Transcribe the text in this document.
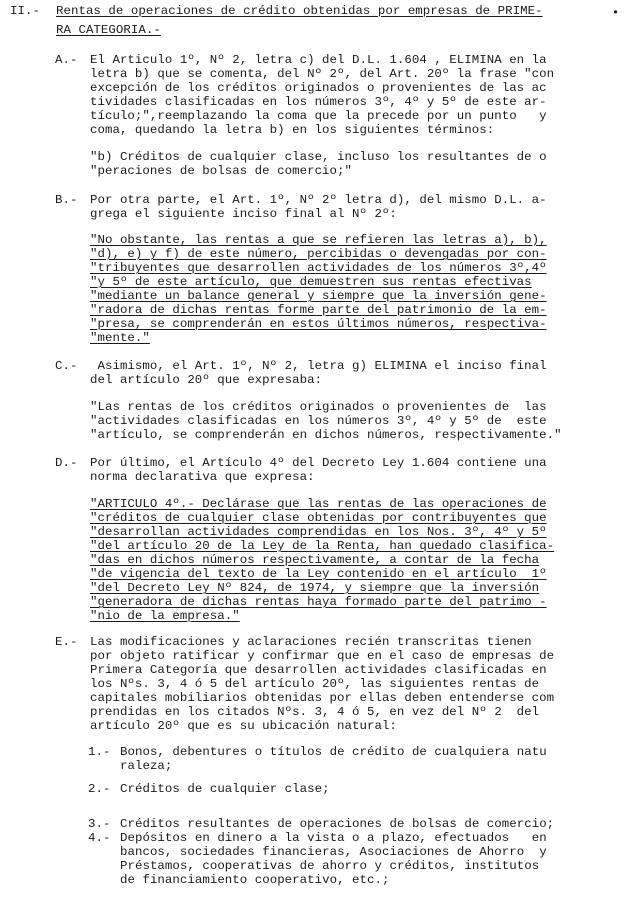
•
II.- Rentas de operaciones de crédito obtenidas por empresas de PRIME-
RA CATEGORIA.-
A.- El Articulo 1º, Nº 2, letra c) del D.L. 1.604 , ELIMINA en la
letra b) que se comenta, del Nº 2º, del Art. 20º la frase "con
excepción de los créditos originados o provenientes de las ac
tividades clasificadas en los números 3º, 4º y 5º de este ar-
tículo;",reemplazando la coma que la precede por un punto   y
coma, quedando la letra b) en los siguientes términos:
"b) Créditos de cualquier clase, incluso los resultantes de o
"peraciones de bolsas de comercio;"
B.- Por otra parte, el Art. 1º, Nº 2º letra d), del mismo D.L. a-
grega el siguiente inciso final al Nº 2º:
"No obstante, las rentas a que se refieren las letras a), b),
"d), e) y f) de este número, percibidas o devengadas por con-
"tribuyentes que desarrollen actividades de los números 3º,4º
"y 5º de este artículo, que demuestren sus rentas efectivas
"mediante un balance general y siempre que la inversión gene-
"radora de dichas rentas forme parte del patrimonio de la em-
"presa, se comprenderán en estos últimos números, respectiva-
"mente."
C.- Asimismo, el Art. 1º, Nº 2, letra g) ELIMINA el inciso final
del artículo 20º que expresaba:
"Las rentas de los créditos originados o provenientes de  las
"actividades clasificadas en los números 3º, 4º y 5º de  este
"artículo, se comprenderán en dichos números, respectivamente."
D.- Por último, el Artículo 4º del Decreto Ley 1.604 contiene una
norma declarativa que expresa:
"ARTICULO 4º.- Declárase que las rentas de las operaciones de
"créditos de cualquier clase obtenidas por contribuyentes que
"desarrollan actividades comprendidas en los Nos. 3º, 4º y 5º
"del artículo 20 de la Ley de la Renta, han quedado clasifica-
"das en dichos números respectivamente, a contar de la fecha
"de vigencia del texto de la Ley contenido en el artículo  1º
"del Decreto Ley Nº 824, de 1974, y siempre que la inversión
"generadora de dichas rentas haya formado parte del patrimo -
"nio de la empresa."
E.- Las modificaciones y aclaraciones recién transcritas tienen
por objeto ratificar y confirmar que en el caso de empresas de
Primera Categoría que desarrollen actividades clasificadas en
los Nºs. 3, 4 ó 5 del artículo 20º, las siguientes rentas de
capitales mobiliarios obtenidas por ellas deben entenderse com
prendidas en los citados Nºs. 3, 4 ó 5, en vez del Nº 2  del
artículo 20º que es su ubicación natural:
1.- Bonos, debentures o títulos de crédito de cualquiera natu
raleza;
2.- Créditos de cualquier clase;
3.- Créditos resultantes de operaciones de bolsas de comercio;
4.- Depósitos en dinero a la vista o a plazo, efectuados   en
bancos, sociedades financieras, Asociaciones de Ahorro  y
Préstamos, cooperativas de ahorro y créditos, institutos
de financiamiento cooperativo, etc.;
